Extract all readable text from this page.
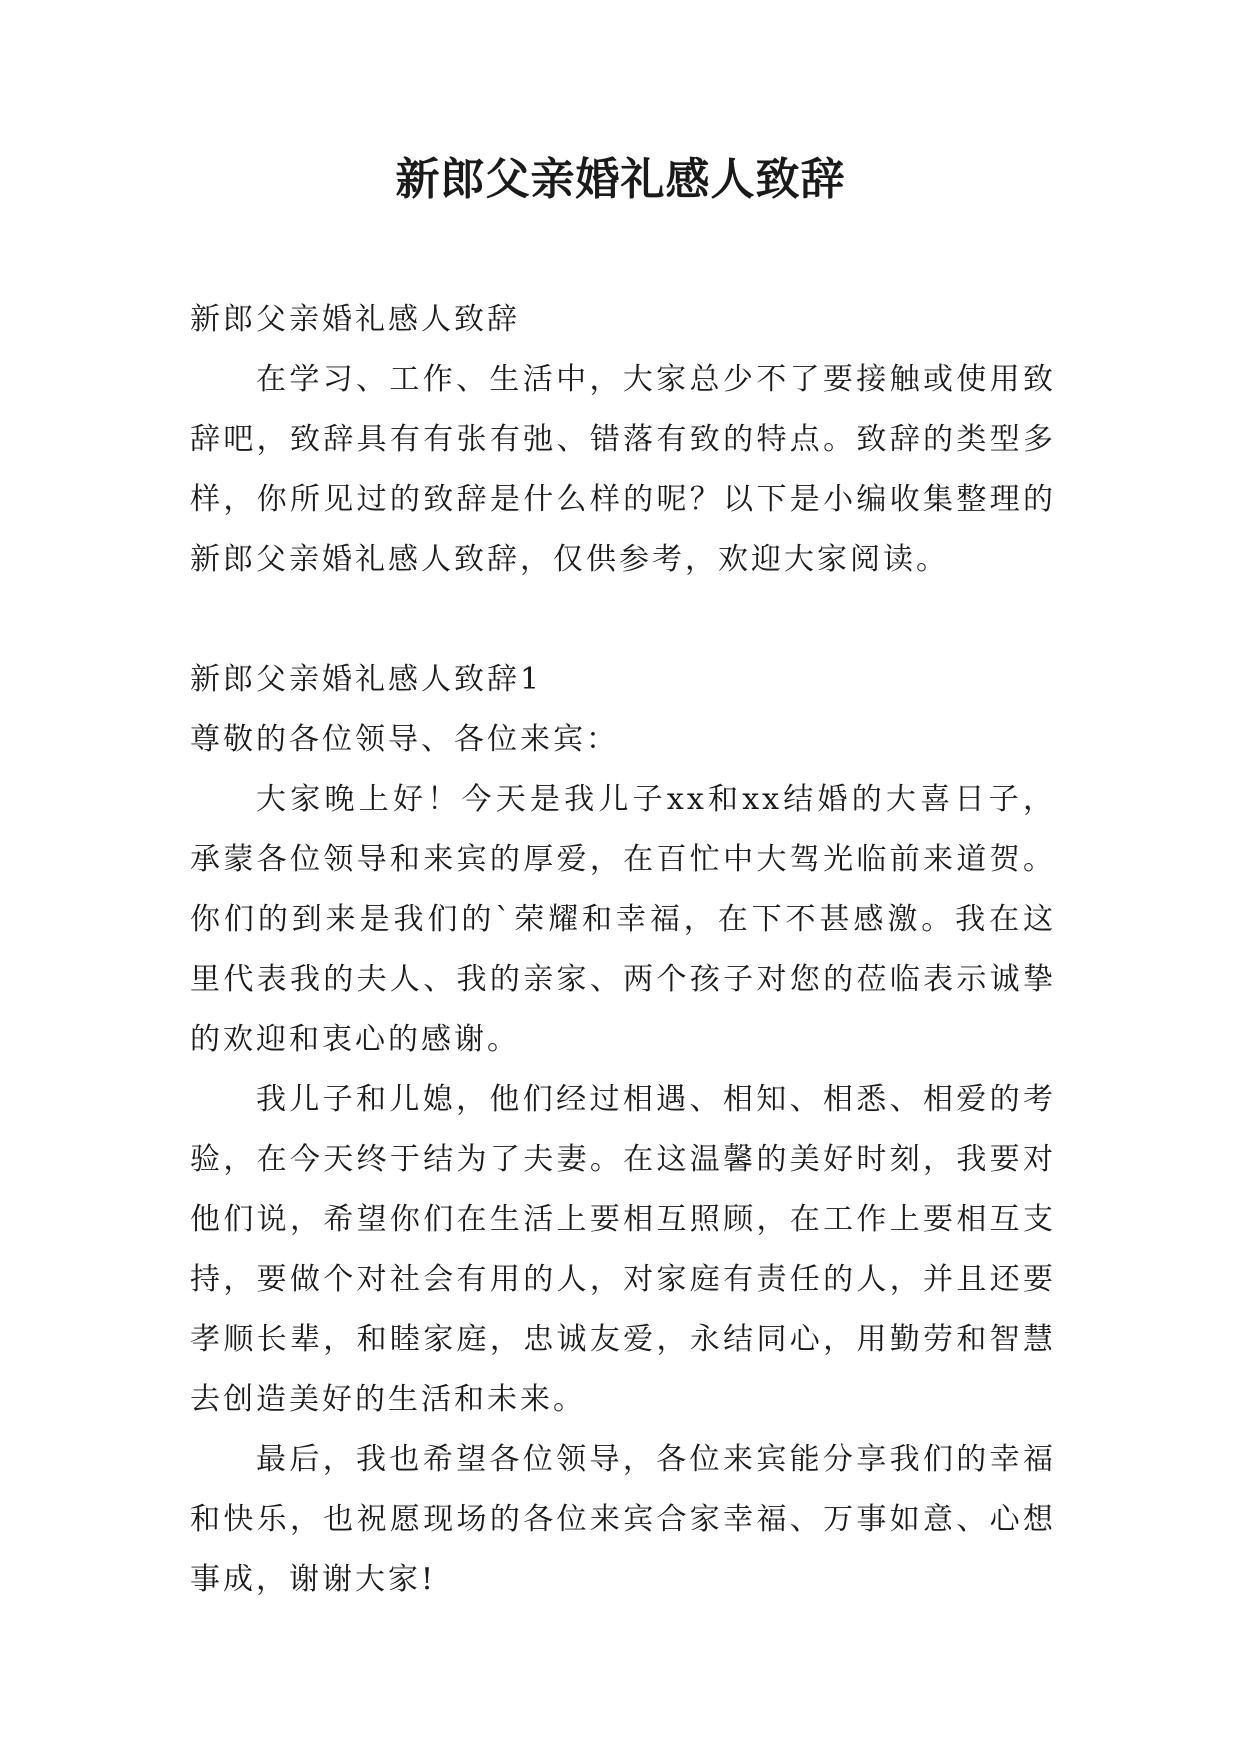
新郎父亲婚礼感人致辞

新郎父亲婚礼感人致辞

在学习、工作、生活中，大家总少不了要接触或使用致辞吧，致辞具有有张有弛、错落有致的特点。致辞的类型多样，你所见过的致辞是什么样的呢？以下是小编收集整理的新郎父亲婚礼感人致辞，仅供参考，欢迎大家阅读。

新郎父亲婚礼感人致辞1

尊敬的各位领导、各位来宾：

大家晚上好！今天是我儿子xx和xx结婚的大喜日子，承蒙各位领导和来宾的厚爱，在百忙中大驾光临前来道贺。你们的到来是我们的`荣耀和幸福，在下不甚感激。我在这里代表我的夫人、我的亲家、两个孩子对您的莅临表示诚挚的欢迎和衷心的感谢。

我儿子和儿媳，他们经过相遇、相知、相悉、相爱的考验，在今天终于结为了夫妻。在这温馨的美好时刻，我要对他们说，希望你们在生活上要相互照顾，在工作上要相互支持，要做个对社会有用的人，对家庭有责任的人，并且还要孝顺长辈，和睦家庭，忠诚友爱，永结同心，用勤劳和智慧去创造美好的生活和未来。

最后，我也希望各位领导，各位来宾能分享我们的幸福和快乐，也祝愿现场的各位来宾合家幸福、万事如意、心想事成，谢谢大家!
